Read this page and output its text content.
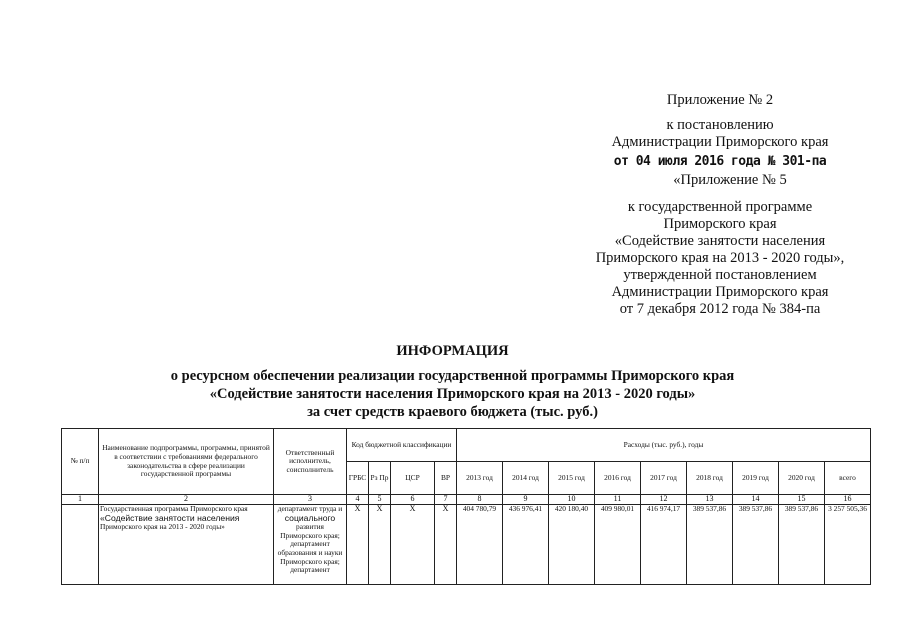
Приложение № 2
к постановлению
Администрации Приморского края
от 04 июля 2016 года № 301-па
«Приложение № 5
к государственной программе
Приморского края
«Содействие занятости населения
Приморского края на 2013 - 2020 годы»,
утвержденной постановлением
Администрации Приморского края
от 7 декабря 2012 года № 384-па
ИНФОРМАЦИЯ
о ресурсном обеспечении реализации государственной программы Приморского края
«Содействие занятости населения Приморского края на 2013 - 2020 годы»
за счет средств краевого бюджета (тыс. руб.)
№ п/п	Наименование подпрограммы, программы, принятой в соответствии с требованиями федерального законодательства в сфере реализации государственной программы	Ответственный исполнитель, соисполнитель	Код бюджетной классификации				Расходы (тыс. руб.), годы								
			ГРБС	Рз Пр	ЦСР	ВР	2013 год	2014 год	2015 год	2016 год	2017 год	2018 год	2019 год	2020 год	всего
1	2	3	4	5	6	7	8	9	10	11	12	13	14	15	16
	Государственная программа Приморского края
«Содействие занятости населения
Приморского края на 2013 - 2020 годы»	департамент труда и
социального
развития Приморского края; департамент образования и науки Приморского края; департамент	X	X	X	X	404 780,79	436 976,41	420 180,40	409 980,01	416 974,17	389 537,86	389 537,86	389 537,86	3 257 505,36
